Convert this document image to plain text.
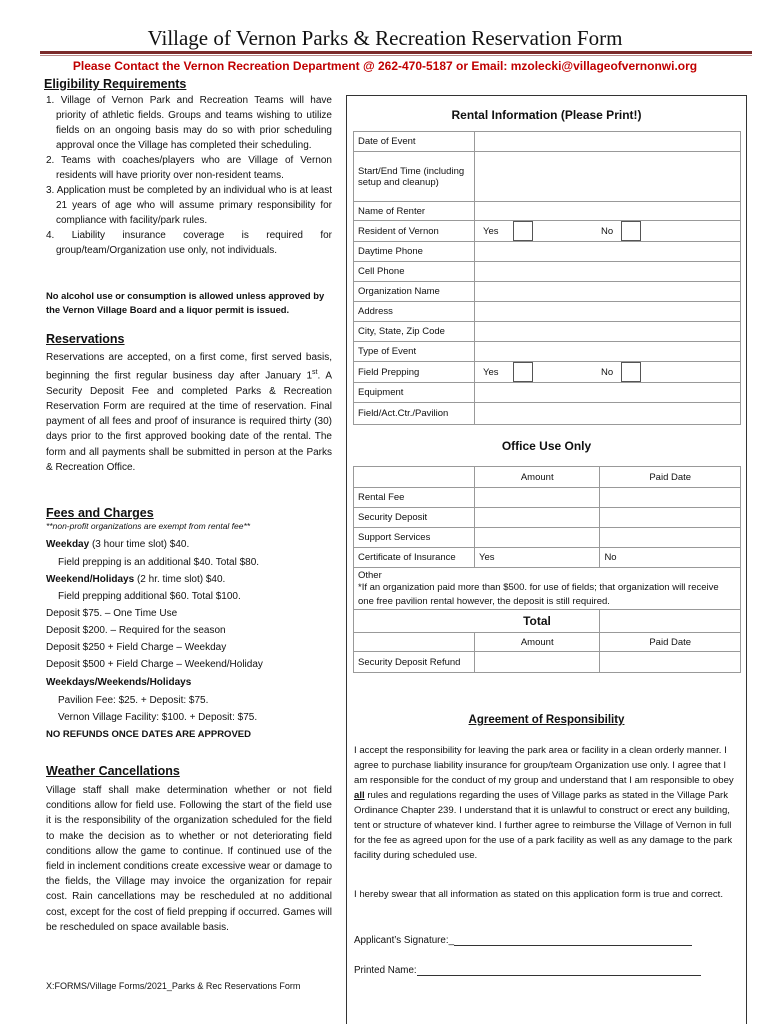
Village of Vernon Parks & Recreation Reservation Form
Please Contact the Vernon Recreation Department @ 262-470-5187 or Email: mzolecki@villageofvernonwi.org
Eligibility Requirements
1. Village of Vernon Park and Recreation Teams will have priority of athletic fields. Groups and teams wishing to utilize fields on an ongoing basis may do so with prior scheduling approval once the Village has completed their scheduling.
2. Teams with coaches/players who are Village of Vernon residents will have priority over non-resident teams.
3. Application must be completed by an individual who is at least 21 years of age who will assume primary responsibility for compliance with facility/park rules.
4. Liability insurance coverage is required for group/team/Organization use only, not individuals.
No alcohol use or consumption is allowed unless approved by the Vernon Village Board and a liquor permit is issued.
Reservations
Reservations are accepted, on a first come, first served basis, beginning the first regular business day after January 1st. A Security Deposit Fee and completed Parks & Recreation Reservation Form are required at the time of reservation. Final payment of all fees and proof of insurance is required thirty (30) days prior to the first approved booking date of the rental. The form and all payments shall be submitted in person at the Parks & Recreation Office.
Fees and Charges
**non-profit organizations are exempt from rental fee**
Weekday (3 hour time slot) $40.
Field prepping is an additional $40. Total $80.
Weekend/Holidays (2 hr. time slot) $40.
Field prepping additional $60. Total $100.
Deposit $75. – One Time Use
Deposit $200. – Required for the season
Deposit $250 + Field Charge – Weekday
Deposit $500 + Field Charge – Weekend/Holiday
Weekdays/Weekends/Holidays
Pavilion Fee: $25. + Deposit: $75.
Vernon Village Facility: $100. + Deposit: $75.
NO REFUNDS ONCE DATES ARE APPROVED
Weather Cancellations
Village staff shall make determination whether or not field conditions allow for field use. Following the start of the field use it is the responsibility of the organization scheduled for the field to make the decision as to whether or not deteriorating field conditions allow the game to continue. If continued use of the field in inclement conditions create excessive wear or damage to the fields, the Village may invoice the organization for repair cost. Rain cancellations may be rescheduled at no additional cost, except for the cost of field prepping if occurred. Games will be rescheduled on space available basis.
X:FORMS/Village Forms/2021_Parks & Rec Reservations Form
Rental Information (Please Print!)
Date of Event	
Start/End Time (including setup and cleanup)	
Name of Renter	
Resident of Vernon	Yes No

Daytime Phone	
Cell Phone	
Organization Name	
Address	
City, State, Zip Code	
Type of Event	
Field Prepping	Yes No

Equipment	
Field/Act.Ctr./Pavilion	
Office Use Only
	Amount	Paid Date
Rental Fee		
Security Deposit		
Support Services		
Certificate of Insurance	Yes	No

Other
*If an organization paid more than $500. for use of fields; that organization will receive one free pavilion rental however, the deposit is still required.		

	Total	
	Amount	Paid Date
Security Deposit Refund		
Agreement of Responsibility
I accept the responsibility for leaving the park area or facility in a clean orderly manner. I agree to purchase liability insurance for group/team Organization use only. I agree that I am responsible for the conduct of my group and understand that I am responsible to obey all rules and regulations regarding the uses of Village parks as stated in the Village Park Ordinance Chapter 239. I understand that it is unlawful to construct or erect any building, tent or structure of whatever kind. I further agree to reimburse the Village of Vernon in full for the fee as agreed upon for the use of a park facility as well as any damage to the park facility during scheduled use.
I hereby swear that all information as stated on this application form is true and correct.
Applicant’s Signature:_
Printed Name:
